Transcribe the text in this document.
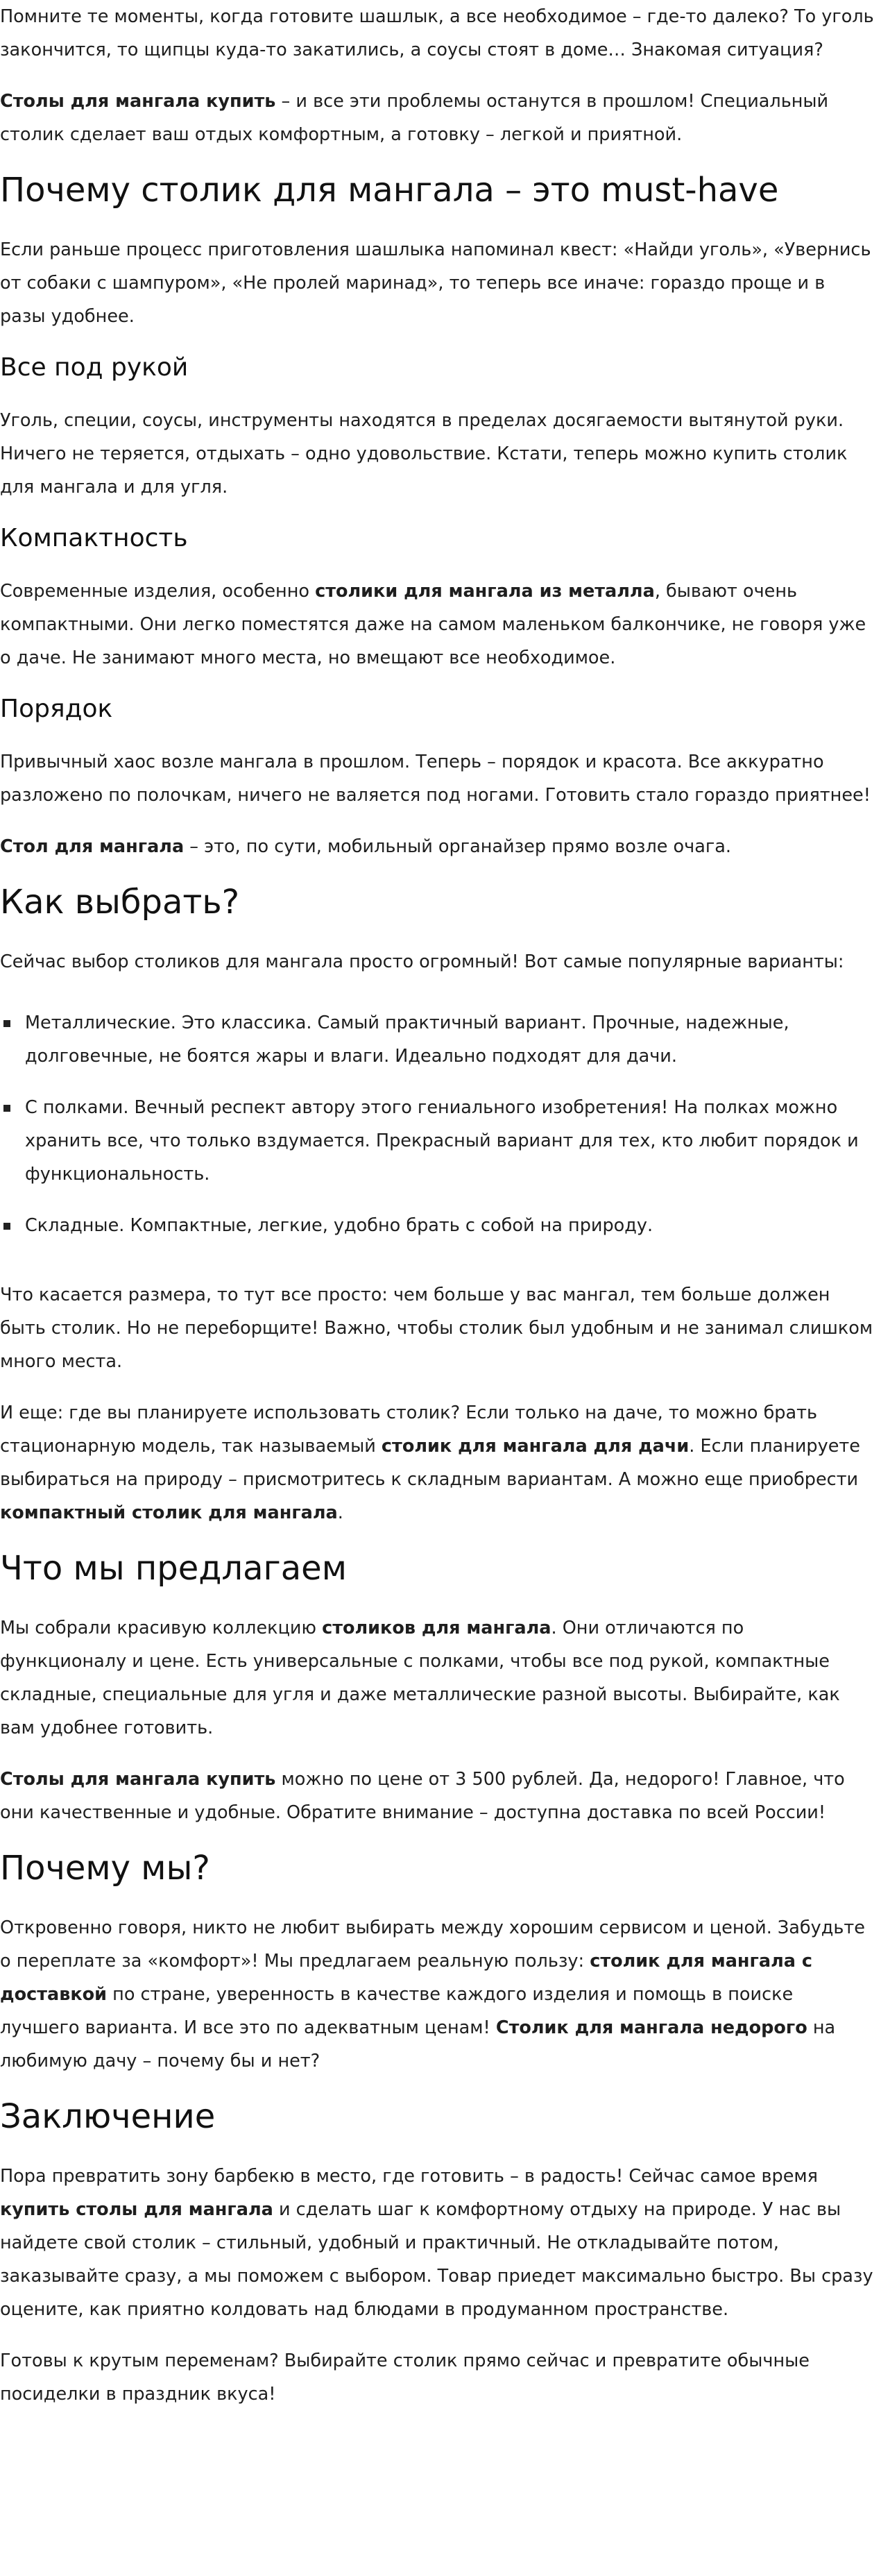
Помните те моменты, когда готовите шашлык, а все необходимое – где-то далеко? То уголь закончится, то щипцы куда-то закатились, а соусы стоят в доме… Знакомая ситуация?

Столы для мангала купить – и все эти проблемы останутся в прошлом! Специальный столик сделает ваш отдых комфортным, а готовку – легкой и приятной.

Почему столик для мангала – это must-have

Если раньше процесс приготовления шашлыка напоминал квест: «Найди уголь», «Увернись от собаки с шампуром», «Не пролей маринад», то теперь все иначе: гораздо проще и в разы удобнее.

Все под рукой

Уголь, специи, соусы, инструменты находятся в пределах досягаемости вытянутой руки. Ничего не теряется, отдыхать – одно удовольствие. Кстати, теперь можно купить столик для мангала и для угля.

Компактность

Современные изделия, особенно столики для мангала из металла, бывают очень компактными. Они легко поместятся даже на самом маленьком балкончике, не говоря уже о даче. Не занимают много места, но вмещают все необходимое.

Порядок

Привычный хаос возле мангала в прошлом. Теперь – порядок и красота. Все аккуратно разложено по полочкам, ничего не валяется под ногами. Готовить стало гораздо приятнее!

Стол для мангала – это, по сути, мобильный органайзер прямо возле очага.

Как выбрать?

Сейчас выбор столиков для мангала просто огромный! Вот самые популярные варианты:

Металлические. Это классика. Самый практичный вариант. Прочные, надежные, долговечные, не боятся жары и влаги. Идеально подходят для дачи.
С полками. Вечный респект автору этого гениального изобретения! На полках можно хранить все, что только вздумается. Прекрасный вариант для тех, кто любит порядок и функциональность.
Складные. Компактные, легкие, удобно брать с собой на природу.

Что касается размера, то тут все просто: чем больше у вас мангал, тем больше должен быть столик. Но не переборщите! Важно, чтобы столик был удобным и не занимал слишком много места.

И еще: где вы планируете использовать столик? Если только на даче, то можно брать стационарную модель, так называемый столик для мангала для дачи. Если планируете выбираться на природу – присмотритесь к складным вариантам. А можно еще приобрести компактный столик для мангала.

Что мы предлагаем

Мы собрали красивую коллекцию столиков для мангала. Они отличаются по функционалу и цене. Есть универсальные с полками, чтобы все под рукой, компактные складные, специальные для угля и даже металлические разной высоты. Выбирайте, как вам удобнее готовить.

Столы для мангала купить можно по цене от 3 500 рублей. Да, недорого! Главное, что они качественные и удобные. Обратите внимание – доступна доставка по всей России!

Почему мы?

Откровенно говоря, никто не любит выбирать между хорошим сервисом и ценой. Забудьте о переплате за «комфорт»! Мы предлагаем реальную пользу: столик для мангала с доставкой по стране, уверенность в качестве каждого изделия и помощь в поиске лучшего варианта. И все это по адекватным ценам! Столик для мангала недорого на любимую дачу – почему бы и нет?

Заключение

Пора превратить зону барбекю в место, где готовить – в радость! Сейчас самое время купить столы для мангала и сделать шаг к комфортному отдыху на природе. У нас вы найдете свой столик – стильный, удобный и практичный. Не откладывайте потом, заказывайте сразу, а мы поможем с выбором. Товар приедет максимально быстро. Вы сразу оцените, как приятно колдовать над блюдами в продуманном пространстве.

Готовы к крутым переменам? Выбирайте столик прямо сейчас и превратите обычные посиделки в праздник вкуса!
